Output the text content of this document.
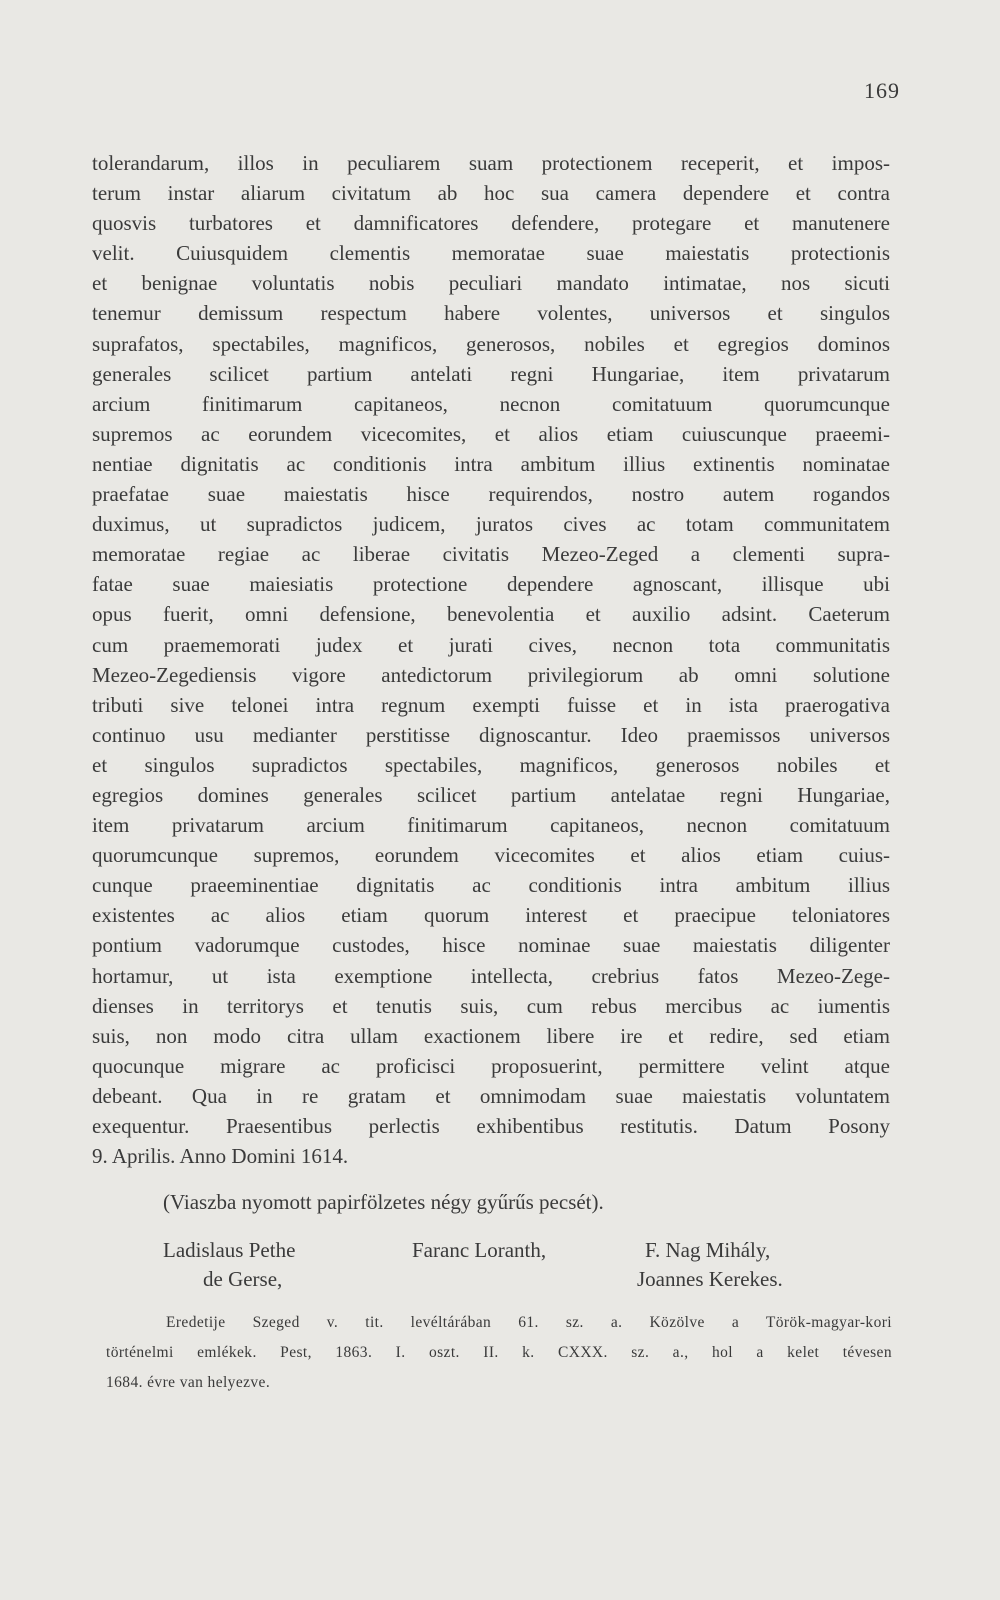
169
tolerandarum, illos in peculiarem suam protectionem receperit, et impos-
terum instar aliarum civitatum ab hoc sua camera dependere et contra
quosvis turbatores et damnificatores defendere, protegare et manutenere
velit. Cuiusquidem clementis memoratae suae maiestatis protectionis
et benignae voluntatis nobis peculiari mandato intimatae, nos sicuti
tenemur demissum respectum habere volentes, universos et singulos
suprafatos, spectabiles, magnificos, generosos, nobiles et egregios dominos
generales scilicet partium antelati regni Hungariae, item privatarum
arcium finitimarum capitaneos, necnon comitatuum quorumcunque
supremos ac eorundem vicecomites, et alios etiam cuiuscunque praeemi-
nentiae dignitatis ac conditionis intra ambitum illius extinentis nominatae
praefatae suae maiestatis hisce requirendos, nostro autem rogandos
duximus, ut supradictos judicem, juratos cives ac totam communitatem
memoratae regiae ac liberae civitatis Mezeo-Zeged a clementi supra-
fatae suae maiesiatis protectione dependere agnoscant, illisque ubi
opus fuerit, omni defensione, benevolentia et auxilio adsint. Caeterum
cum praememorati judex et jurati cives, necnon tota communitatis
Mezeo-Zegediensis vigore antedictorum privilegiorum ab omni solutione
tributi sive telonei intra regnum exempti fuisse et in ista praerogativa
continuo usu medianter perstitisse dignoscantur. Ideo praemissos universos
et singulos supradictos spectabiles, magnificos, generosos nobiles et
egregios domines generales scilicet partium antelatae regni Hungariae,
item privatarum arcium finitimarum capitaneos, necnon comitatuum
quorumcunque supremos, eorundem vicecomites et alios etiam cuius-
cunque praeeminentiae dignitatis ac conditionis intra ambitum illius
existentes ac alios etiam quorum interest et praecipue teloniatores
pontium vadorumque custodes, hisce nominae suae maiestatis diligenter
hortamur, ut ista exemptione intellecta, crebrius fatos Mezeo-Zege-
dienses in territorys et tenutis suis, cum rebus mercibus ac iumentis
suis, non modo citra ullam exactionem libere ire et redire, sed etiam
quocunque migrare ac proficisci proposuerint, permittere velint atque
debeant. Qua in re gratam et omnimodam suae maiestatis voluntatem
exequentur. Praesentibus perlectis exhibentibus restitutis. Datum Posony
9. Aprilis. Anno Domini 1614.
(Viaszba nyomott papirfölzetes négy gyűrűs pecsét).
Ladislaus Pethe
de Gerse,
Faranc Loranth,	F. Nag Mihály,
Joannes Kerekes.
Eredetije Szeged v. tit. levéltárában 61. sz. a. Közölve a Török-magyar-kori
történelmi emlékek. Pest, 1863. I. oszt. II. k. CXXX. sz. a., hol a kelet tévesen
1684. évre van helyezve.
